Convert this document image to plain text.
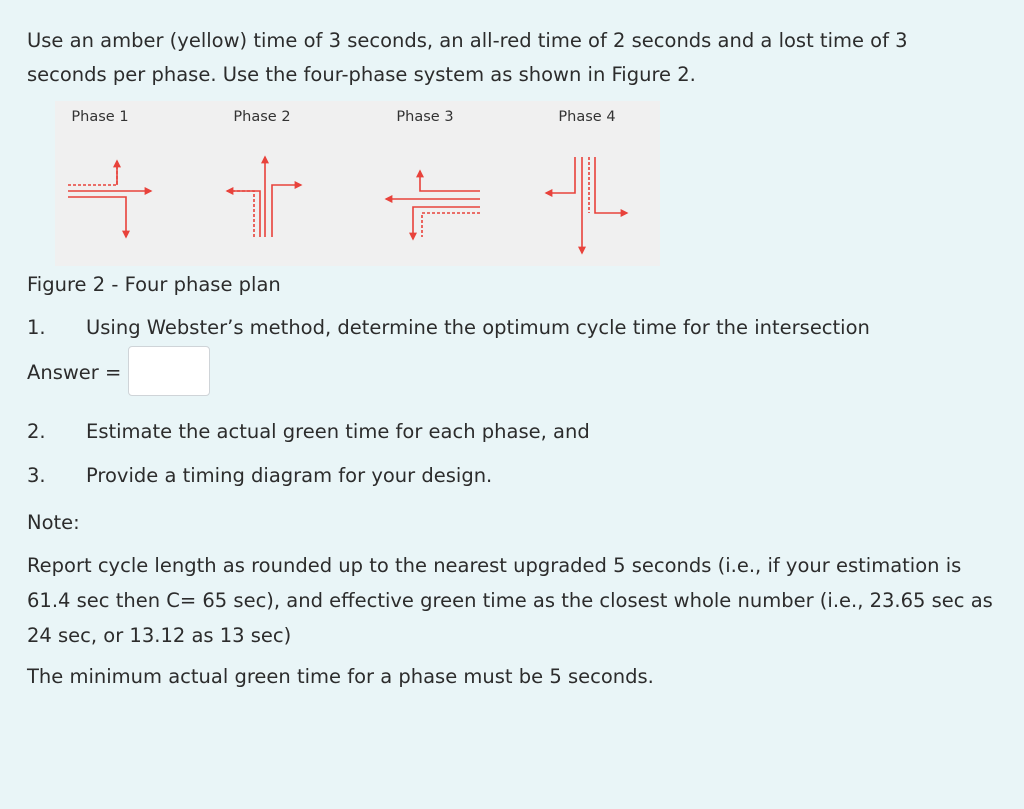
Use an amber (yellow) time of 3 seconds, an all-red time of 2 seconds and a lost time of 3 seconds per phase. Use the four-phase system as shown in Figure 2.

Phase 1	Phase 2	Phase 3	Phase 4

Figure 2 - Four phase plan

1.	Using Webster’s method, determine the optimum cycle time for the intersection
Answer =
2.	Estimate the actual green time for each phase, and
3.	Provide a timing diagram for your design.

Note:

Report cycle length as rounded up to the nearest upgraded 5 seconds (i.e., if your estimation is 61.4 sec then C= 65 sec), and effective green time as the closest whole number (i.e., 23.65 sec as 24 sec, or 13.12 as 13 sec)

The minimum actual green time for a phase must be 5 seconds.
